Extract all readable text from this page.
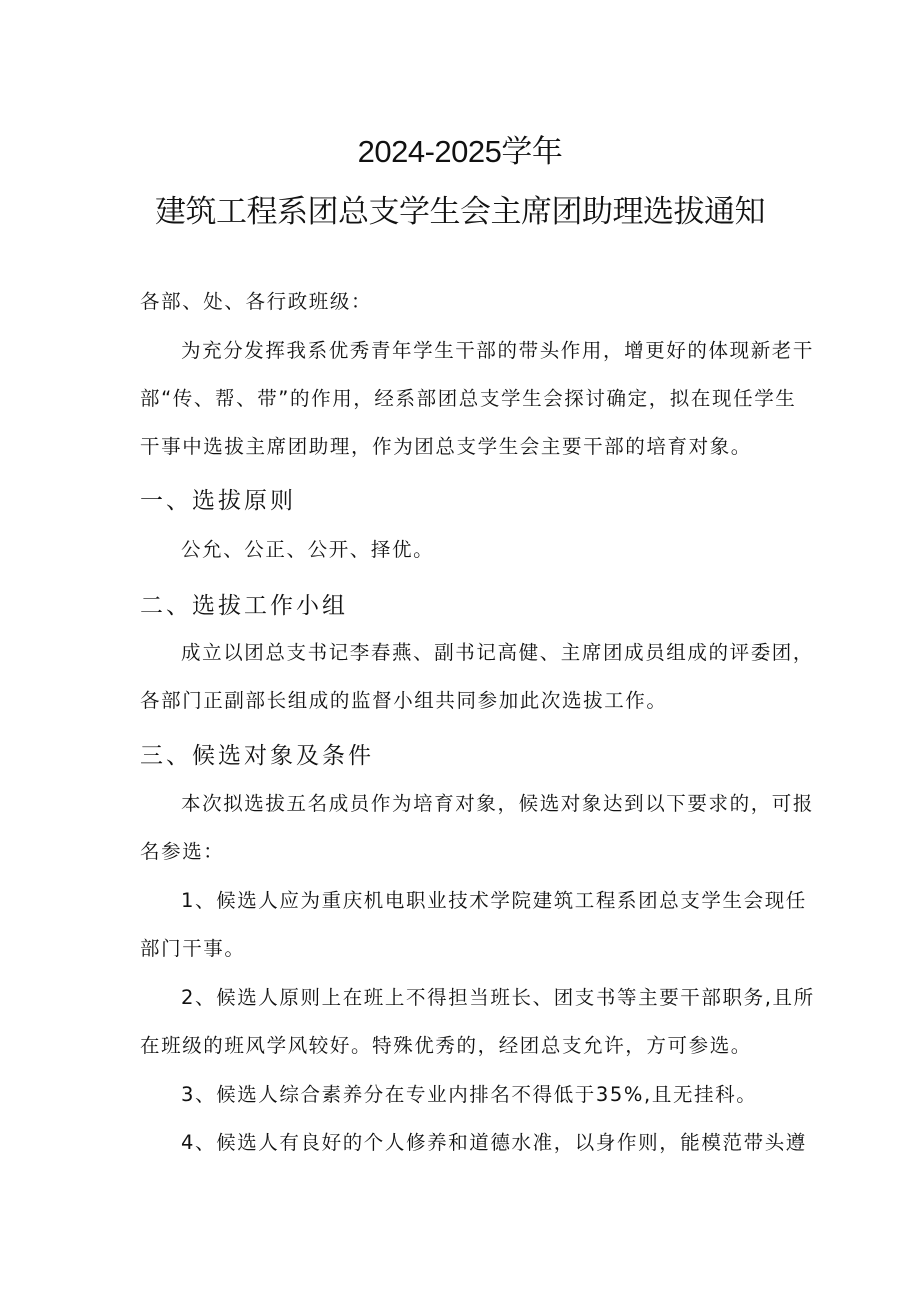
2024-2025学年
建筑工程系团总支学生会主席团助理选拔通知
各部、处、各行政班级：
为充分发挥我系优秀青年学生干部的带头作用，增更好的体现新老干
部“传、帮、带”的作用，经系部团总支学生会探讨确定，拟在现任学生
干事中选拔主席团助理，作为团总支学生会主要干部的培育对象。
一、选拔原则
公允、公正、公开、择优。
二、选拔工作小组
成立以团总支书记李春燕、副书记高健、主席团成员组成的评委团，
各部门正副部长组成的监督小组共同参加此次选拔工作。
三、候选对象及条件
本次拟选拔五名成员作为培育对象，候选对象达到以下要求的，可报
名参选：
1、候选人应为重庆机电职业技术学院建筑工程系团总支学生会现任
部门干事。
2、候选人原则上在班上不得担当班长、团支书等主要干部职务,且所
在班级的班风学风较好。特殊优秀的，经团总支允许，方可参选。
3、候选人综合素养分在专业内排名不得低于35%,且无挂科。
4、候选人有良好的个人修养和道德水准，以身作则，能模范带头遵
